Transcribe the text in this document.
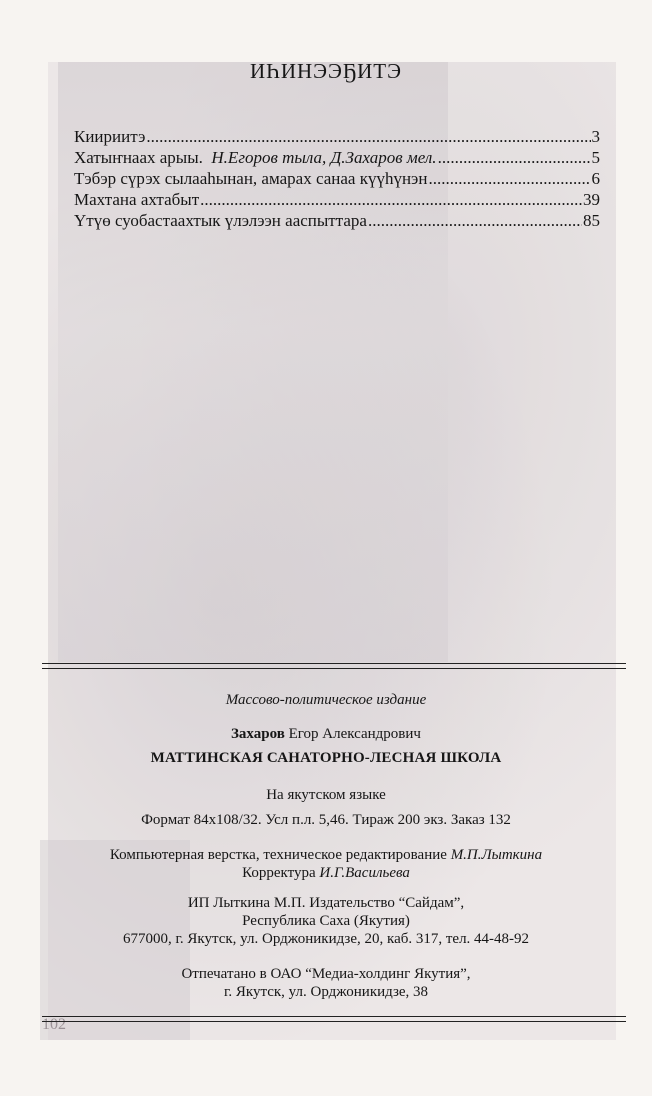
102
ИҺИНЭЭҔИТЭ
Киириитэ .....	3
Хатыҥнаах арыы. Н.Егоров тыла, Д.Захаров мел. .....	5
Тэбэр сүрэх сылааһынан, амарах санаа күүһүнэн .....	6
Махтана ахтабыт .....	39
Үтүө суобастаахтык үлэлээн ааспыттара .....	85
Массово-политическое издание
Захаров Егор Александрович
МАТТИНСКАЯ САНАТОРНО-ЛЕСНАЯ ШКОЛА
На якутском языке
Формат 84х108/32. Усл п.л. 5,46. Тираж 200 экз. Заказ 132
Компьютерная верстка, техническое редактирование М.П.Лыткина
Корректура И.Г.Васильева
ИП Лыткина М.П. Издательство “Сайдам”,
Республика Саха (Якутия)
677000, г. Якутск, ул. Орджоникидзе, 20, каб. 317, тел. 44-48-92
Отпечатано в ОАО “Медиа-холдинг Якутия”,
г. Якутск, ул. Орджоникидзе, 38
